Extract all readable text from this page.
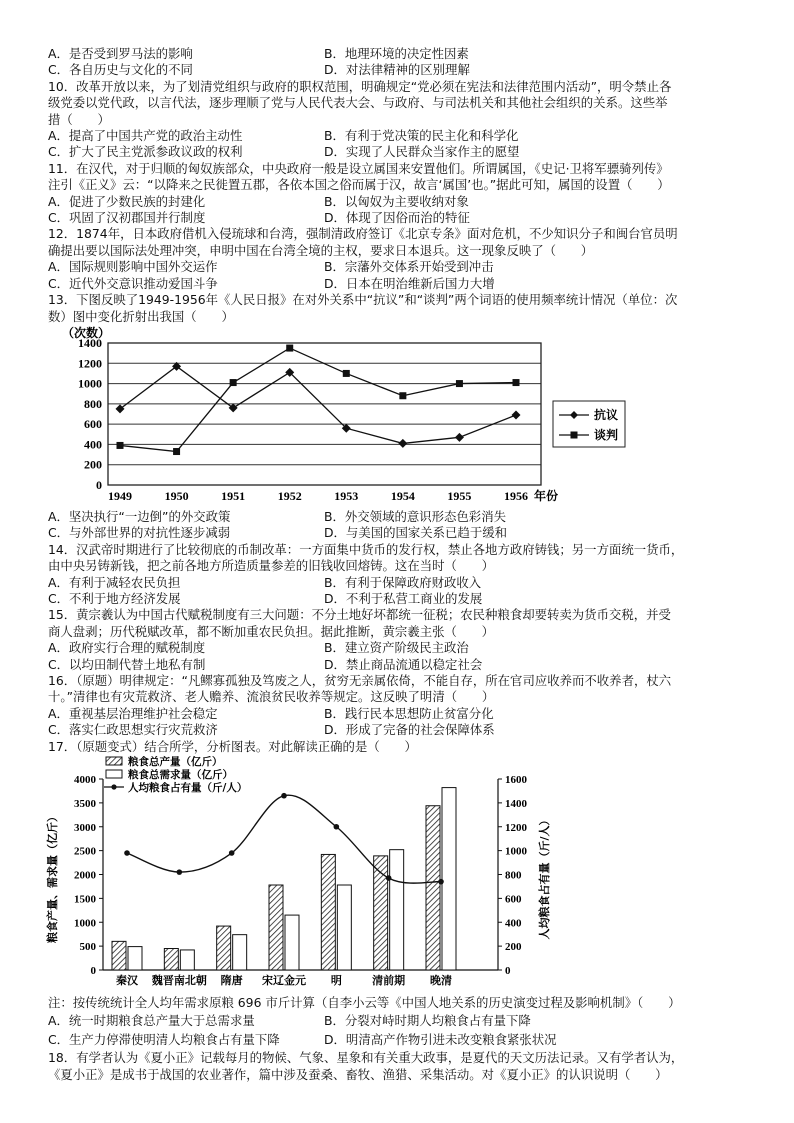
A．是否受到罗马法的影响	B．地理环境的决定性因素
C．各自历史与文化的不同	D．对法律精神的区别理解
10．改革开放以来，为了划清党组织与政府的职权范围，明确规定“党必须在宪法和法律范围内活动”，明令禁止各
级党委以党代政，以言代法，逐步理顺了党与人民代表大会、与政府、与司法机关和其他社会组织的关系。这些举
措（　　）
A．提高了中国共产党的政治主动性	B．有利于党决策的民主化和科学化
C．扩大了民主党派参政议政的权利	D．实现了人民群众当家作主的愿望
11．在汉代，对于归顺的匈奴族部众，中央政府一般是设立属国来安置他们。所谓属国，《史记·卫将军骠骑列传》
注引《正义》云：“以降来之民徙置五郡，各依本国之俗而属于汉，故言‘属国’也。”据此可知，属国的设置（　　）
A．促进了少数民族的封建化	B．以匈奴为主要收纳对象
C．巩固了汉初郡国并行制度	D．体现了因俗而治的特征
12．1874年，日本政府借机入侵琉球和台湾，强制清政府签订《北京专条》面对危机，不少知识分子和闽台官员明
确提出要以国际法处理冲突，申明中国在台湾全境的主权，要求日本退兵。这一现象反映了（　　）
A．国际规则影响中国外交运作	B．宗藩外交体系开始受到冲击
C．近代外交意识推动爱国斗争	D．日本在明治维新后国力大增
13．下图反映了1949-1956年《人民日报》在对外关系中“抗议”和“谈判”两个词语的使用频率统计情况（单位：次
数）图中变化折射出我国（　　）
（次数）
0
200
400
600
800
1000
1200
1400
1949	1950	1951	1952	1953	1954	1955	1956 年份
抗议
谈判
A．坚决执行“一边倒”的外交政策	B．外交领域的意识形态色彩消失
C．与外部世界的对抗性逐步减弱	D．与美国的国家关系已趋于缓和
14．汉武帝时期进行了比较彻底的币制改革：一方面集中货币的发行权，禁止各地方政府铸钱；另一方面统一货币，
由中央另铸新钱，把之前各地方所造质量参差的旧钱收回熔铸。这在当时（　　）
A．有利于减轻农民负担	B．有利于保障政府财政收入
C．不利于地方经济发展	D．不利于私营工商业的发展
15．黄宗羲认为中国古代赋税制度有三大问题：不分土地好坏都统一征税；农民种粮食却要转卖为货币交税，并受
商人盘剥；历代税赋改革，都不断加重农民负担。据此推断，黄宗羲主张（　　）
A．政府实行合理的赋税制度	B．建立资产阶级民主政治
C．以均田制代替土地私有制	D．禁止商品流通以稳定社会
16．（原题）明律规定：“凡鳏寡孤独及笃废之人，贫穷无亲属依倚，不能自存，所在官司应收养而不收养者，杖六
十。”清律也有灾荒救济、老人赡养、流浪贫民收养等规定。这反映了明清（　　）
A．重视基层治理维护社会稳定	B．践行民本思想防止贫富分化
C．落实仁政思想实行灾荒救济	D．形成了完备的社会保障体系
17．（原题变式）结合所学，分析图表。对此解读正确的是（　　）
0
500
1000
1500
2000
2500
3000
3500
4000
0
200
400
600
800
1000
1200
1400
1600
粮食产量、需求量（亿斤）	人均粮食占有量（斤/人）
秦汉 魏晋南北朝 隋唐 宋辽金元 明	清前期 晚清
粮食总产量（亿斤）
粮食总需求量（亿斤）
人均粮食占有量（斤/人）
注：按传统统计全人均年需求原粮 696 市斤计算（自李小云等《中国人地关系的历史演变过程及影响机制》（　　）
A．统一时期粮食总产量大于总需求量	B．分裂对峙时期人均粮食占有量下降
C．生产力停滞使明清人均粮食占有量下降	D．明清高产作物引进未改变粮食紧张状况
18．有学者认为《夏小正》记载每月的物候、气象、星象和有关重大政事，是夏代的天文历法记录。又有学者认为，
《夏小正》是成书于战国的农业著作，篇中涉及蚕桑、畜牧、渔猎、采集活动。对《夏小正》的认识说明（　　）
